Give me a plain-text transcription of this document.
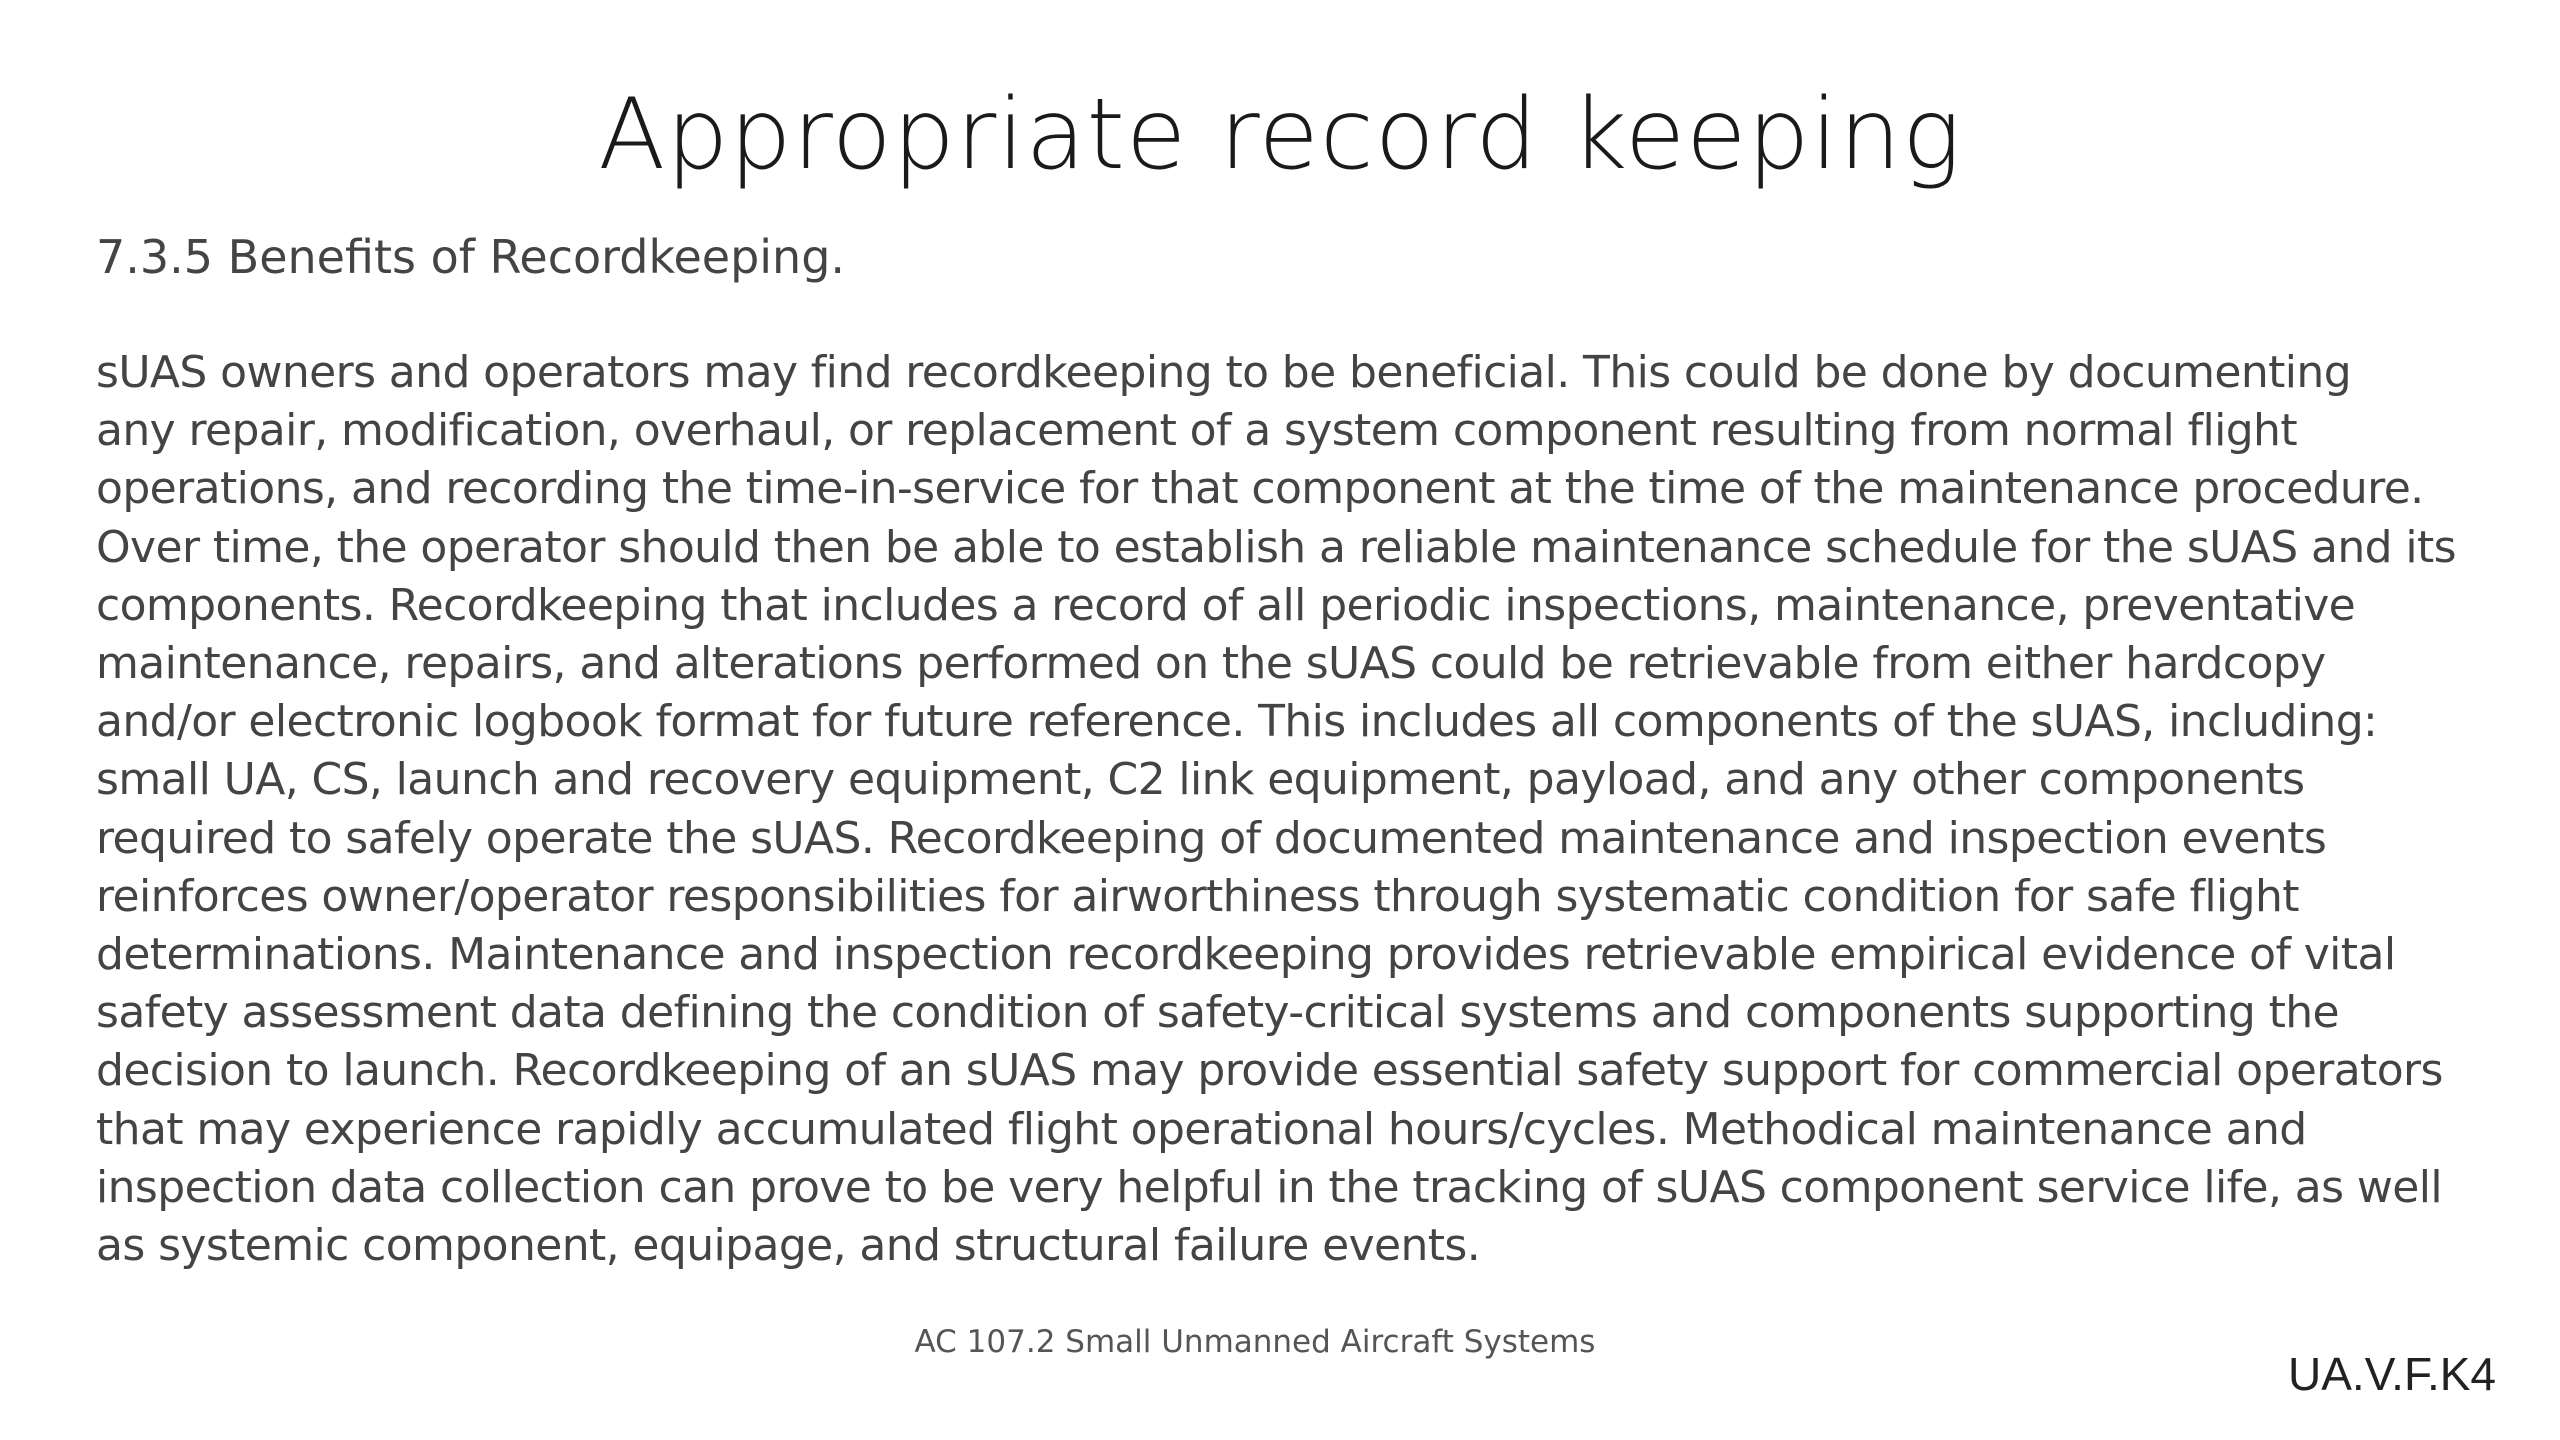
Appropriate record keeping

7.3.5 Benefits of Recordkeeping.

sUAS owners and operators may find recordkeeping to be beneficial. This could be done by documenting
any repair, modification, overhaul, or replacement of a system component resulting from normal flight
operations, and recording the time-in-service for that component at the time of the maintenance procedure.
Over time, the operator should then be able to establish a reliable maintenance schedule for the sUAS and its
components. Recordkeeping that includes a record of all periodic inspections, maintenance, preventative
maintenance, repairs, and alterations performed on the sUAS could be retrievable from either hardcopy
and/or electronic logbook format for future reference. This includes all components of the sUAS, including:
small UA, CS, launch and recovery equipment, C2 link equipment, payload, and any other components
required to safely operate the sUAS. Recordkeeping of documented maintenance and inspection events
reinforces owner/operator responsibilities for airworthiness through systematic condition for safe flight
determinations. Maintenance and inspection recordkeeping provides retrievable empirical evidence of vital
safety assessment data defining the condition of safety-critical systems and components supporting the
decision to launch. Recordkeeping of an sUAS may provide essential safety support for commercial operators
that may experience rapidly accumulated flight operational hours/cycles. Methodical maintenance and
inspection data collection can prove to be very helpful in the tracking of sUAS component service life, as well
as systemic component, equipage, and structural failure events.

AC 107.2 Small Unmanned Aircraft Systems

UA.V.F.K4
